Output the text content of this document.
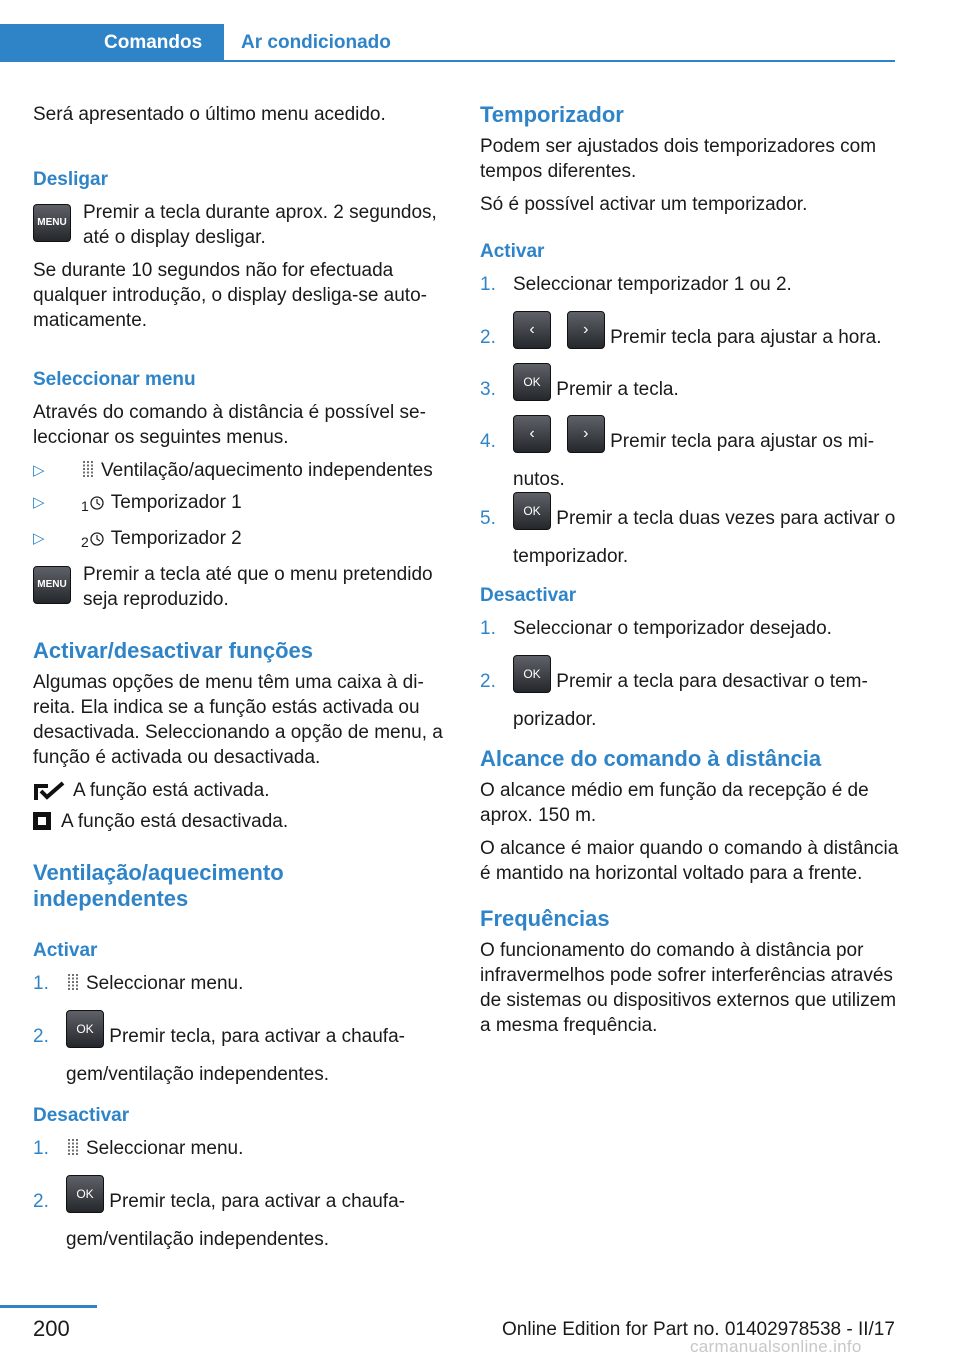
Comandos	Ar condicionado

Será apresentado o último menu acedido.

Desligar
MENU Premir a tecla durante aprox. 2 segundos, até o display desligar.

Se durante 10 segundos não for efectuada qualquer introdução, o display desliga-se automaticamente.

Seleccionar menu

Através do comando à distância é possível seleccionar os seguintes menus.

▷	Ventilação/aquecimento independentes
▷	1 Temporizador 1
▷	2 Temporizador 2
MENU Premir a tecla até que o menu pretendido seja reproduzido.

Activar/desactivar funções

Algumas opções de menu têm uma caixa à direita. Ela indica se a função estás activada ou desactivada. Seleccionando a opção de menu, a função é activada ou desactivada.

A função está activada.
A função está desactivada.
Ventilação/aquecimento independentes
Activar
1. Seleccionar menu.
2. OK Premir tecla, para activar a chaufagem/ventilação independentes.
Desactivar
1. Seleccionar menu.
2. OK Premir tecla, para activar a chaufagem/ventilação independentes.
Temporizador

Podem ser ajustados dois temporizadores com tempos diferentes.

Só é possível activar um temporizador.

Activar
1. Seleccionar temporizador 1 ou 2.
2. ‹	› Premir tecla para ajustar a hora.
3. OK Premir a tecla.
4. ‹	› Premir tecla para ajustar os minutos.
5. OK Premir a tecla duas vezes para activar o temporizador.
Desactivar
1. Seleccionar o temporizador desejado.
2. OK Premir a tecla para desactivar o temporizador.
Alcance do comando à distância

O alcance médio em função da recepção é de aprox. 150 m.

O alcance é maior quando o comando à distância é mantido na horizontal voltado para a frente.

Frequências

O funcionamento do comando à distância por infravermelhos pode sofrer interferências através de sistemas ou dispositivos externos que utilizem a mesma frequência.

200	Online Edition for Part no. 01402978538 - II/17
carmanualsonline.info
